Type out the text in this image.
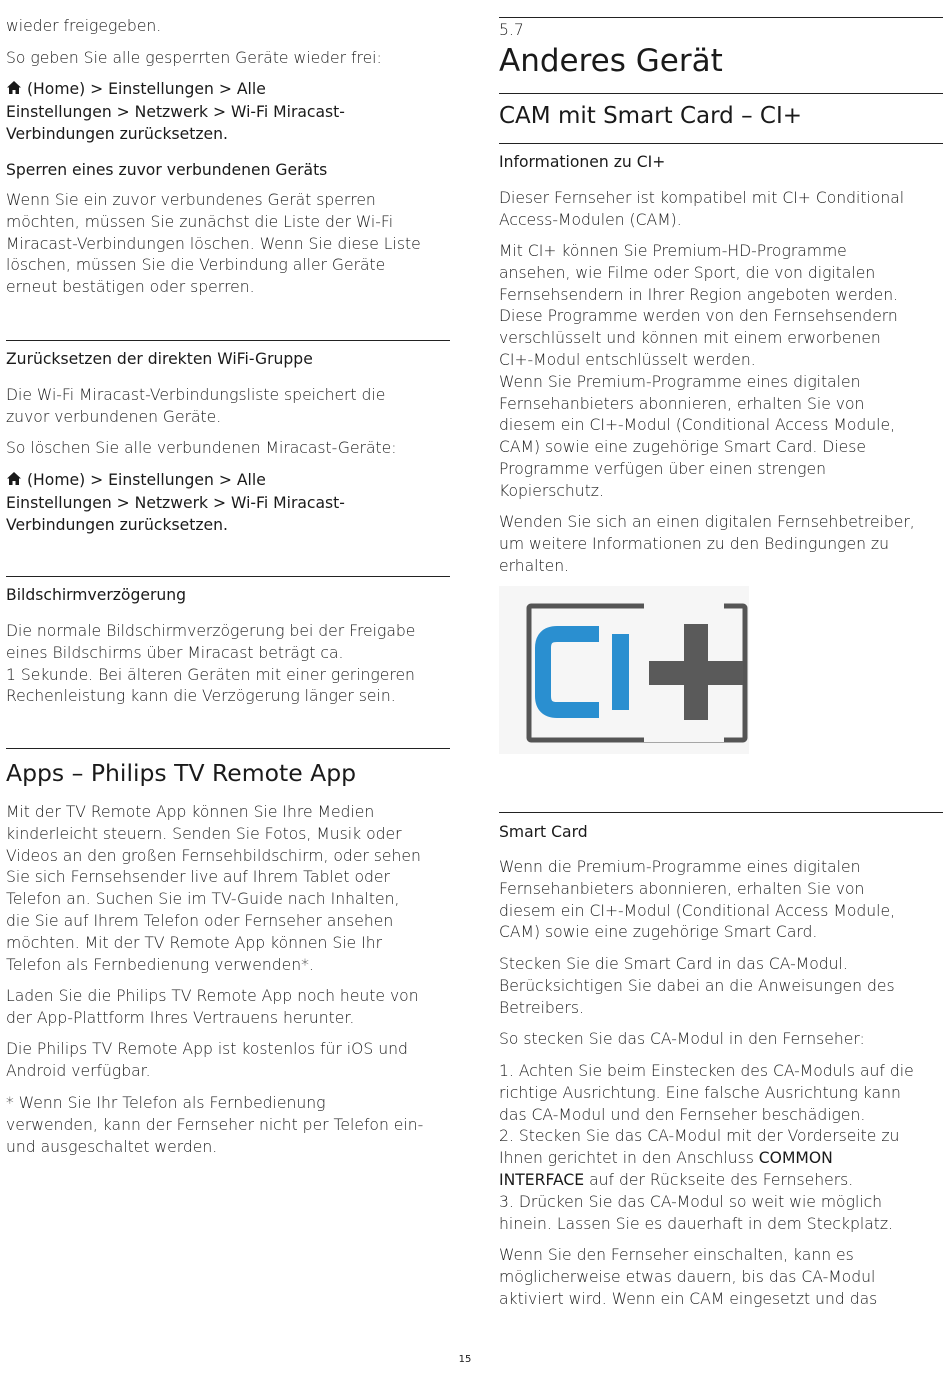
wieder freigegeben.

So geben Sie alle gesperrten Geräte wieder frei:

(Home) > Einstellungen > Alle
Einstellungen > Netzwerk > Wi-Fi Miracast-
Verbindungen zurücksetzen.
Sperren eines zuvor verbundenen Geräts

Wenn Sie ein zuvor verbundenes Gerät sperren

möchten, müssen Sie zunächst die Liste der Wi-Fi

Miracast-Verbindungen löschen. Wenn Sie diese Liste

löschen, müssen Sie die Verbindung aller Geräte

erneut bestätigen oder sperren.

Zurücksetzen der direkten WiFi-Gruppe

Die Wi-Fi Miracast-Verbindungsliste speichert die

zuvor verbundenen Geräte.

So löschen Sie alle verbundenen Miracast-Geräte:

(Home) > Einstellungen > Alle
Einstellungen > Netzwerk > Wi-Fi Miracast-
Verbindungen zurücksetzen.
Bildschirmverzögerung

Die normale Bildschirmverzögerung bei der Freigabe

eines Bildschirms über Miracast beträgt ca.

1 Sekunde. Bei älteren Geräten mit einer geringeren

Rechenleistung kann die Verzögerung länger sein.

Apps – Philips TV Remote App

Mit der TV Remote App können Sie Ihre Medien

kinderleicht steuern. Senden Sie Fotos, Musik oder

Videos an den großen Fernsehbildschirm, oder sehen

Sie sich Fernsehsender live auf Ihrem Tablet oder

Telefon an. Suchen Sie im TV-Guide nach Inhalten,

die Sie auf Ihrem Telefon oder Fernseher ansehen

möchten. Mit der TV Remote App können Sie Ihr

Telefon als Fernbedienung verwenden*.

Laden Sie die Philips TV Remote App noch heute von

der App-Plattform Ihres Vertrauens herunter.

Die Philips TV Remote App ist kostenlos für iOS und

Android verfügbar.

* Wenn Sie Ihr Telefon als Fernbedienung

verwenden, kann der Fernseher nicht per Telefon ein-

und ausgeschaltet werden.

5.7
Anderes Gerät
CAM mit Smart Card – CI+
Informationen zu CI+

Dieser Fernseher ist kompatibel mit CI+ Conditional

Access-Modulen (CAM).

Mit CI+ können Sie Premium-HD-Programme

ansehen, wie Filme oder Sport, die von digitalen

Fernsehsendern in Ihrer Region angeboten werden.

Diese Programme werden von den Fernsehsendern

verschlüsselt und können mit einem erworbenen

CI+-Modul entschlüsselt werden.

Wenn Sie Premium-Programme eines digitalen

Fernsehanbieters abonnieren, erhalten Sie von

diesem ein CI+-Modul (Conditional Access Module,

CAM) sowie eine zugehörige Smart Card. Diese

Programme verfügen über einen strengen

Kopierschutz.

Wenden Sie sich an einen digitalen Fernsehbetreiber,

um weitere Informationen zu den Bedingungen zu

erhalten.

Smart Card

Wenn die Premium-Programme eines digitalen

Fernsehanbieters abonnieren, erhalten Sie von

diesem ein CI+-Modul (Conditional Access Module,

CAM) sowie eine zugehörige Smart Card.

Stecken Sie die Smart Card in das CA-Modul.

Berücksichtigen Sie dabei an die Anweisungen des

Betreibers.

So stecken Sie das CA-Modul in den Fernseher:

1. Achten Sie beim Einstecken des CA-Moduls auf die

richtige Ausrichtung. Eine falsche Ausrichtung kann

das CA-Modul und den Fernseher beschädigen.

2. Stecken Sie das CA-Modul mit der Vorderseite zu

Ihnen gerichtet in den Anschluss COMMON

INTERFACE auf der Rückseite des Fernsehers.

3. Drücken Sie das CA-Modul so weit wie möglich

hinein. Lassen Sie es dauerhaft in dem Steckplatz.

Wenn Sie den Fernseher einschalten, kann es

möglicherweise etwas dauern, bis das CA-Modul

aktiviert wird. Wenn ein CAM eingesetzt und das

15
